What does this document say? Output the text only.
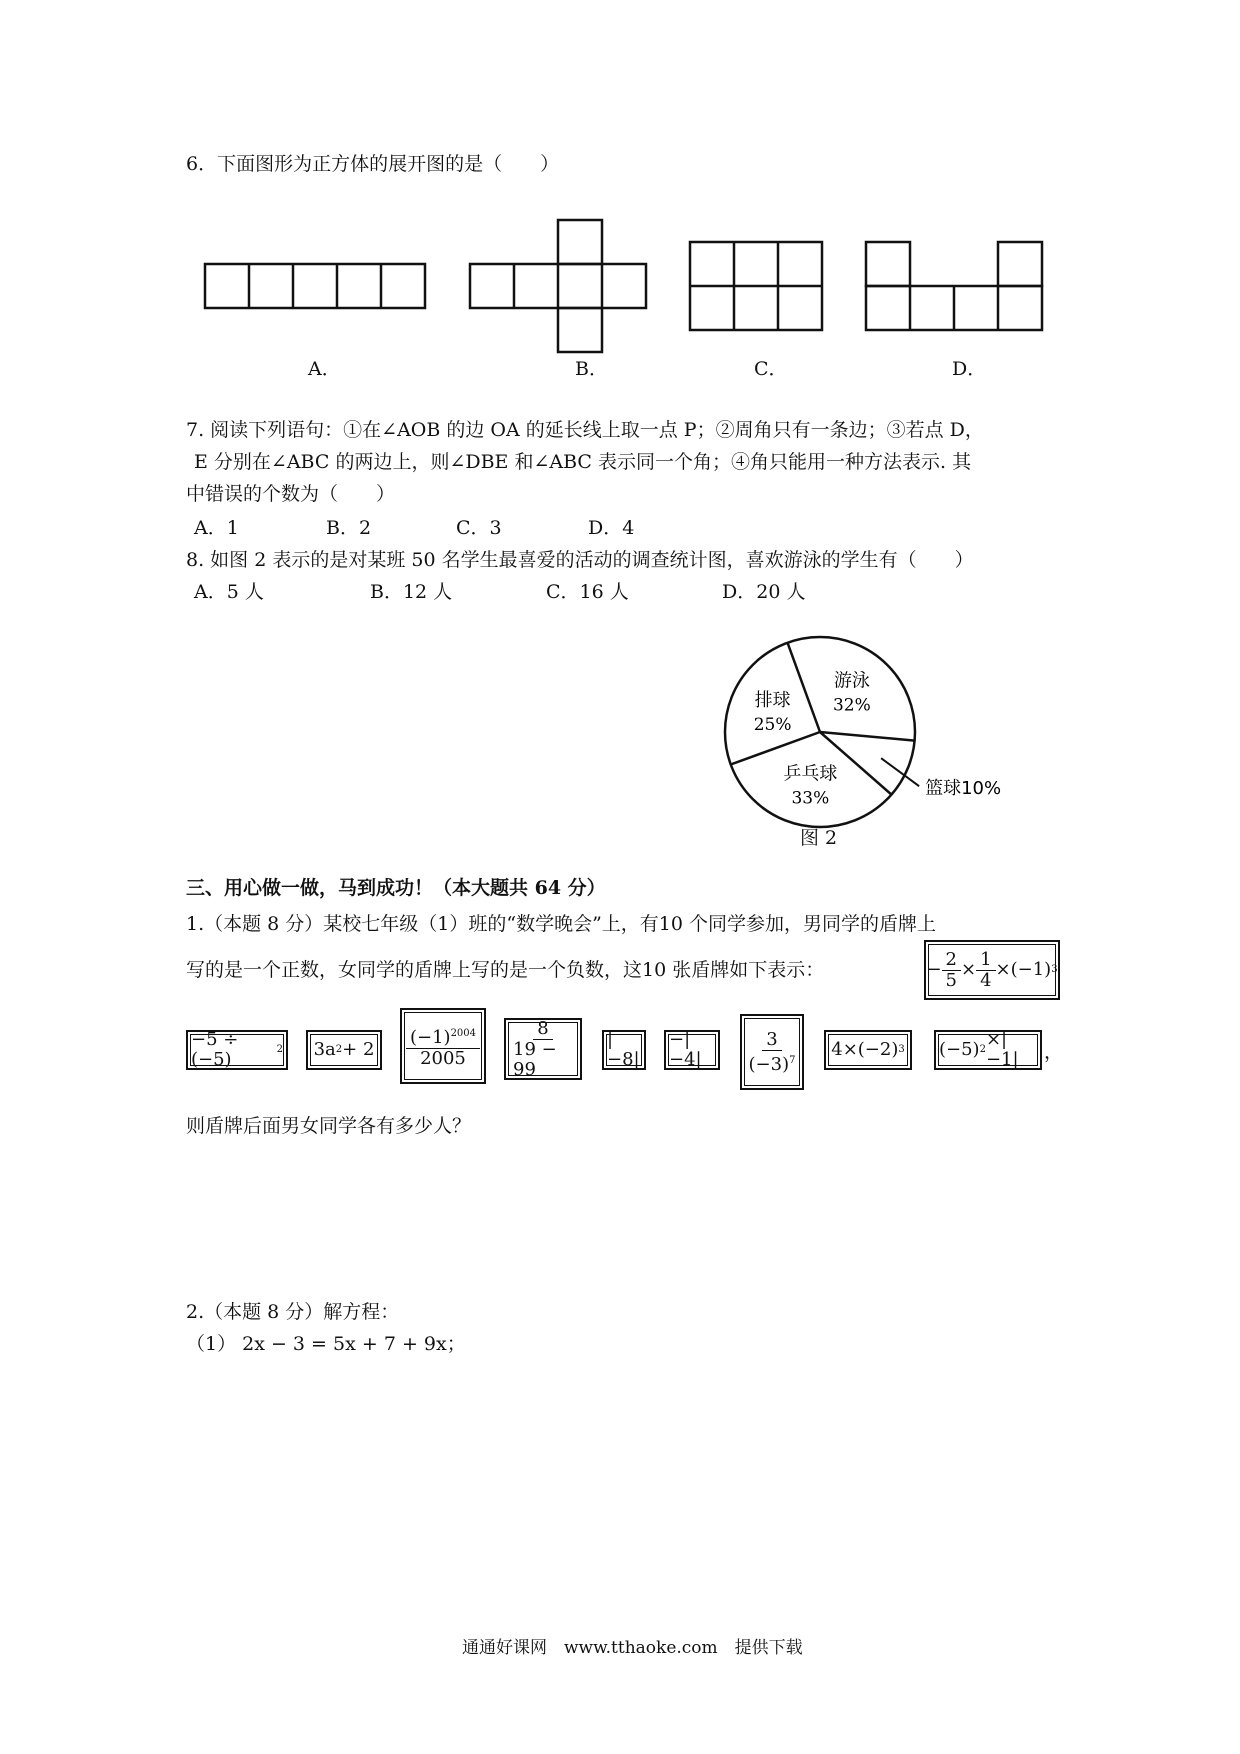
6．下面图形为正方体的展开图的是（　　）
A．	B．	C．	D．
7. 阅读下列语句：①在∠AOB 的边 OA 的延长线上取一点 P；②周角只有一条边；③若点 D，
E 分别在∠ABC 的两边上，则∠DBE 和∠ABC 表示同一个角；④角只能用一种方法表示. 其
中错误的个数为（　　）
A．1	B．2	C．3	D．4
8. 如图 2 表示的是对某班 50 名学生最喜爱的活动的调查统计图，喜欢游泳的学生有（　　）
A．5 人	B．12 人	C．16 人	D．20 人
游泳
32%
篮球10%
乒乓球
33%
排球
25%
图 2
三、用心做一做，马到成功！（本大题共 64 分）
1.（本题 8 分）某校七年级（1）班的“数学晚会”上，有10 个同学参加，男同学的盾牌上
写的是一个正数，女同学的盾牌上写的是一个负数，这10 张盾牌如下表示：	− $\frac{2}{5} \times \frac{1}{4} \times(-1)$ 3
−5 ÷ (−5)	2 3a $2 + 2 \frac{(-1)^{2004}}{2005} \frac{8}{19 - 99} |-8|$
−|−4|	$\frac{3}{(-3)^7} 4\times(-2)$ 3 (−5) 2 ×|−1|	，
则盾牌后面男女同学各有多少人？
2.（本题 8 分）解方程：
（1） 2x − 3 = 5x + 7 + 9x；
通通好课网　www.tthaoke.com　提供下载
